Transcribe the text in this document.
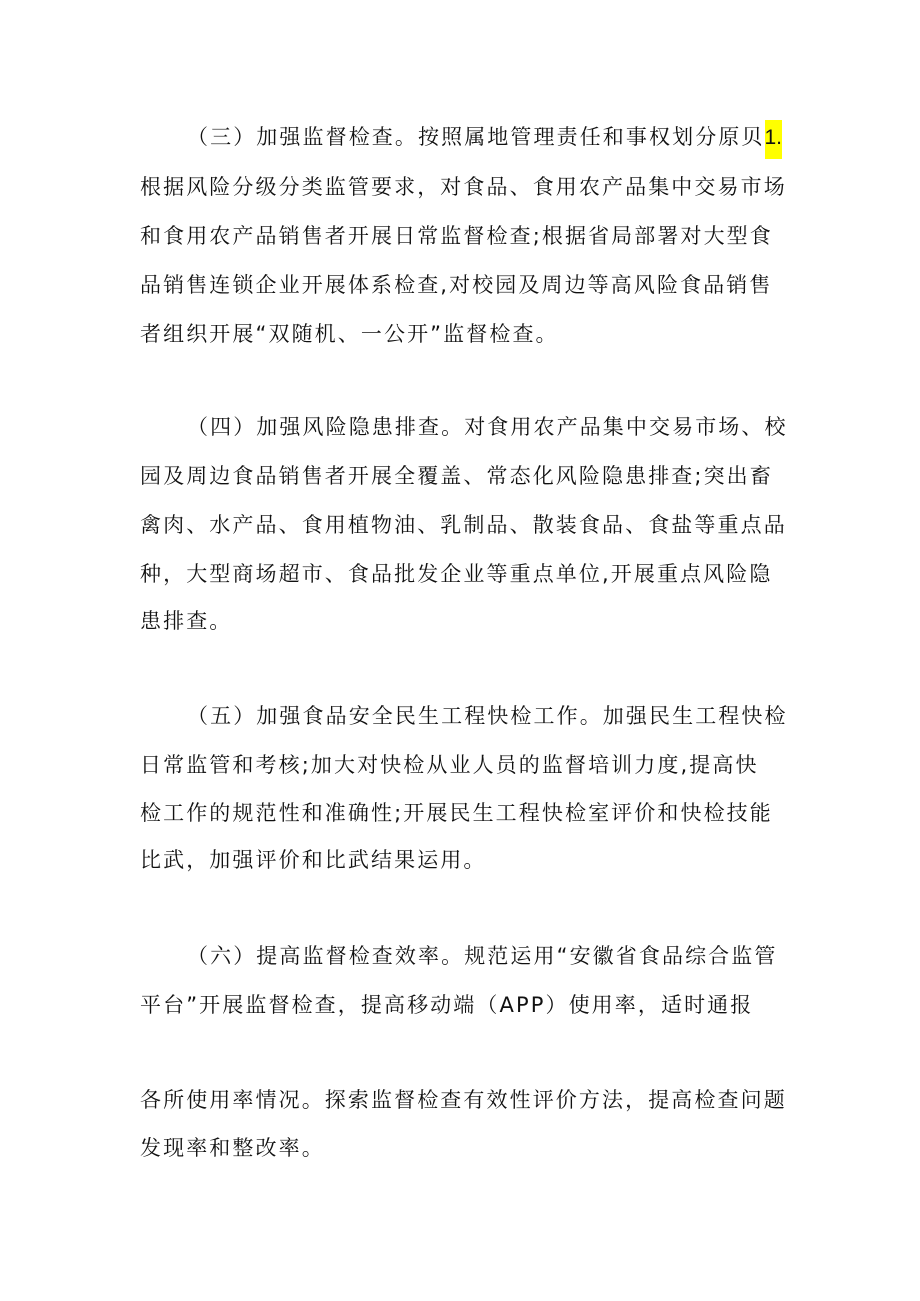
（三）加强监督检查。按照属地管理责任和事权划分原贝1.
根据风险分级分类监管要求，对食品、食用农产品集中交易市场
和食用农产品销售者开展日常监督检查;根据省局部署对大型食
品销售连锁企业开展体系检查,对校园及周边等高风险食品销售
者组织开展“双随机、一公开”监督检查。
（四）加强风险隐患排查。对食用农产品集中交易市场、校
园及周边食品销售者开展全覆盖、常态化风险隐患排查;突出畜
禽肉、水产品、食用植物油、乳制品、散装食品、食盐等重点品
种，大型商场超市、食品批发企业等重点单位,开展重点风险隐
患排查。
（五）加强食品安全民生工程快检工作。加强民生工程快检
日常监管和考核;加大对快检从业人员的监督培训力度,提高快
检工作的规范性和准确性;开展民生工程快检室评价和快检技能
比武，加强评价和比武结果运用。
（六）提高监督检查效率。规范运用“安徽省食品综合监管
平台”开展监督检查，提高移动端（APP）使用率，适时通报
各所使用率情况。探索监督检查有效性评价方法，提高检查问题
发现率和整改率。
